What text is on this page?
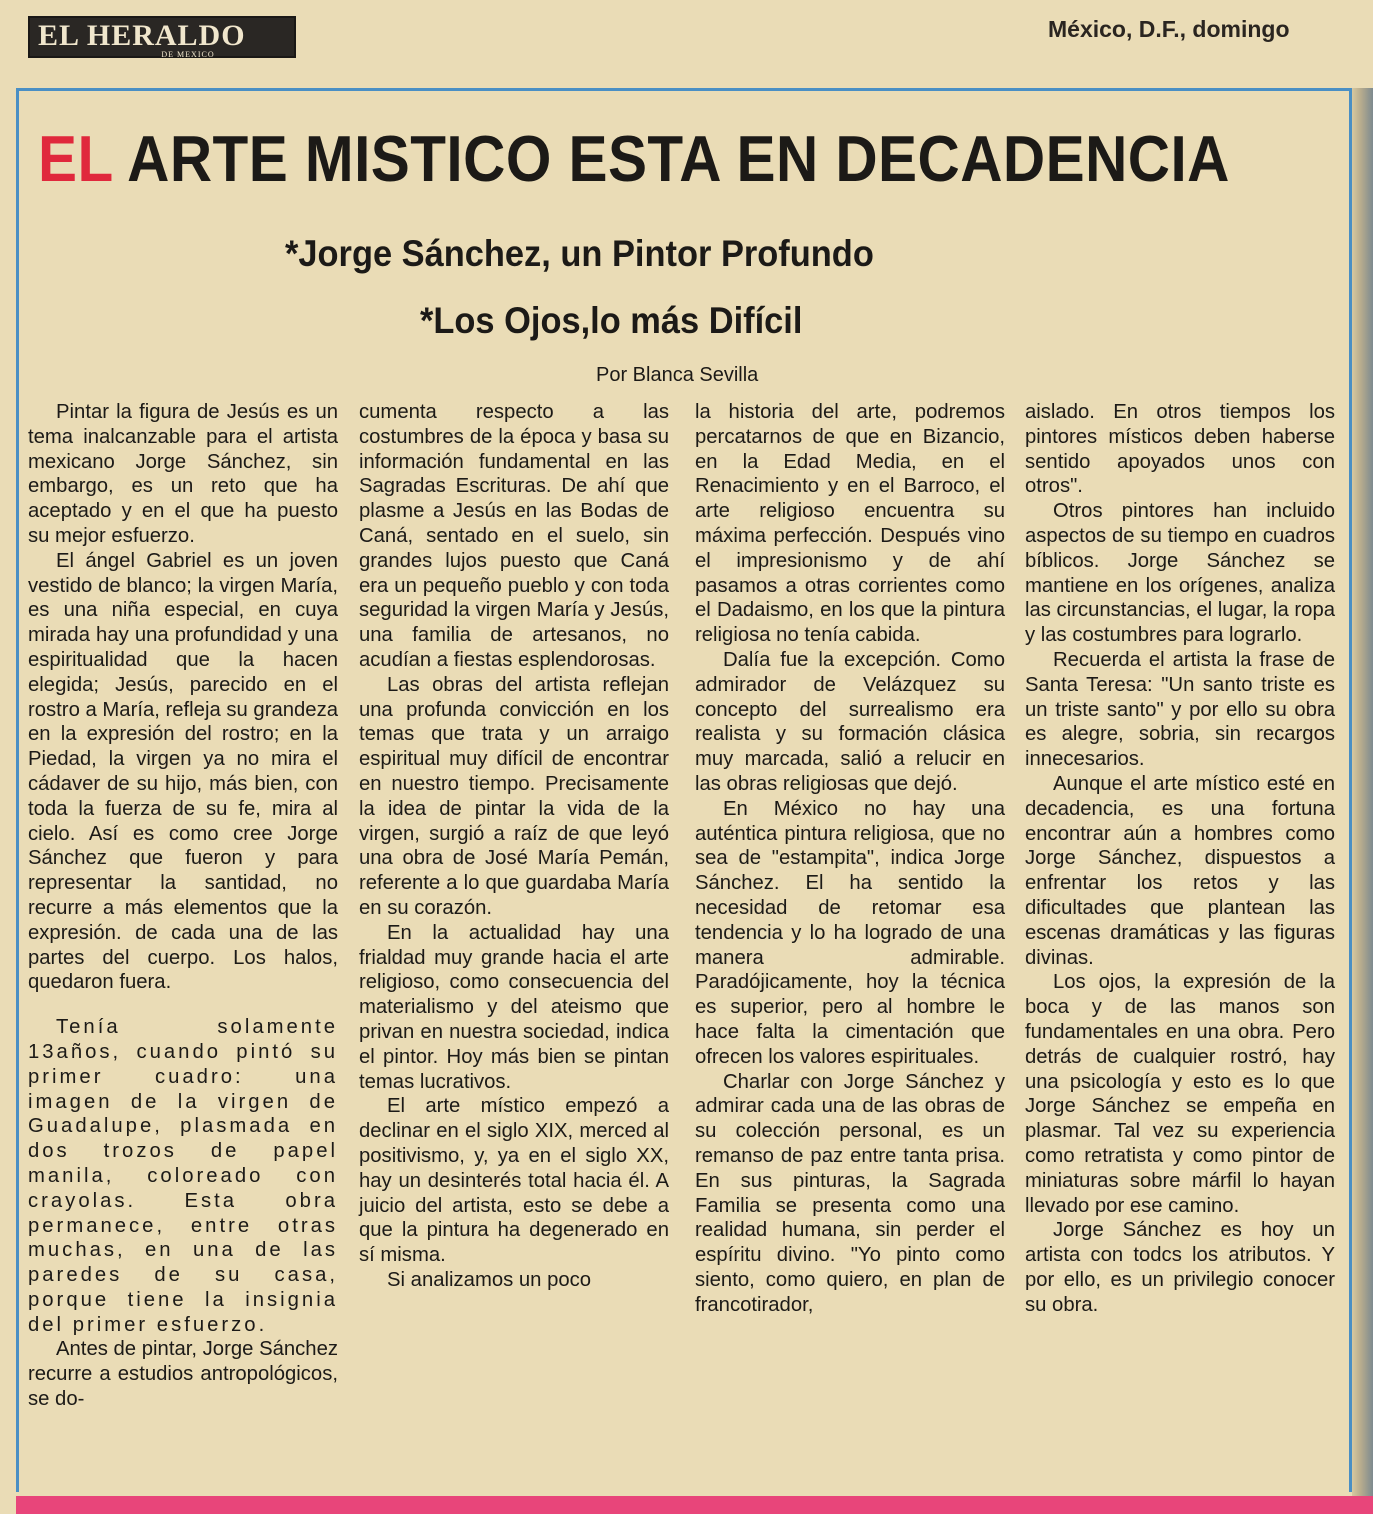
EL HERALDO
DE MEXICO
México, D.F., domingo
EL ARTE MISTICO ESTA EN DECADENCIA
*Jorge Sánchez, un Pintor Profundo
*Los Ojos,lo más Difícil
Por Blanca Sevilla

Pintar la figura de Jesús es un tema inalcanzable para el artista mexicano Jorge Sánchez, sin embargo, es un reto que ha aceptado y en el que ha puesto su mejor esfuerzo.

El ángel Gabriel es un joven vestido de blanco; la virgen María, es una niña especial, en cuya mirada hay una profundidad y una espiritualidad que la hacen elegida; Jesús, parecido en el rostro a María, refleja su grandeza en la expresión del rostro; en la Piedad, la virgen ya no mira el cádaver de su hijo, más bien, con toda la fuerza de su fe, mira al cielo. Así es como cree Jorge Sánchez que fueron y para representar la santidad, no recurre a más elementos que la expresión. de cada una de las partes del cuerpo. Los halos, quedaron fuera.

Tenía solamente 13años, cuando pintó su primer cuadro: una imagen de la virgen de Guadalupe, plasmada en dos trozos de papel manila, coloreado con crayolas. Esta obra permanece, entre otras muchas, en una de las paredes de su casa, porque tiene la insignia del primer esfuerzo.

Antes de pintar, Jorge Sánchez recurre a estudios antropológicos, se do-

cumenta respecto a las costumbres de la época y basa su información fundamental en las Sagradas Escrituras. De ahí que plasme a Jesús en las Bodas de Caná, sentado en el suelo, sin grandes lujos puesto que Caná era un pequeño pueblo y con toda seguridad la virgen María y Jesús, una familia de artesanos, no acudían a fiestas esplendorosas.

Las obras del artista reflejan una profunda convicción en los temas que trata y un arraigo espiritual muy difícil de encontrar en nuestro tiempo. Precisamente la idea de pintar la vida de la virgen, surgió a raíz de que leyó una obra de José María Pemán, referente a lo que guardaba María en su corazón.

En la actualidad hay una frialdad muy grande hacia el arte religioso, como consecuencia del materialismo y del ateismo que privan en nuestra sociedad, indica el pintor. Hoy más bien se pintan temas lucrativos.

El arte místico empezó a declinar en el siglo XIX, merced al positivismo, y, ya en el siglo XX, hay un desinterés total hacia él. A juicio del artista, esto se debe a que la pintura ha degenerado en sí misma.

Si analizamos un poco

la historia del arte, podremos percatarnos de que en Bizancio, en la Edad Media, en el Renacimiento y en el Barroco, el arte religioso encuentra su máxima perfección. Después vino el impresionismo y de ahí pasamos a otras corrientes como el Dadaismo, en los que la pintura religiosa no tenía cabida.

Dalía fue la excepción. Como admirador de Velázquez su concepto del surrealismo era realista y su formación clásica muy marcada, salió a relucir en las obras religiosas que dejó.

En México no hay una auténtica pintura religiosa, que no sea de "estampita", indica Jorge Sánchez. El ha sentido la necesidad de retomar esa tendencia y lo ha logrado de una manera admirable. Paradójicamente, hoy la técnica es superior, pero al hombre le hace falta la cimentación que ofrecen los valores espirituales.

Charlar con Jorge Sánchez y admirar cada una de las obras de su colección personal, es un remanso de paz entre tanta prisa. En sus pinturas, la Sagrada Familia se presenta como una realidad humana, sin perder el espíritu divino. "Yo pinto como siento, como quiero, en plan de francotirador,

aislado. En otros tiempos los pintores místicos deben haberse sentido apoyados unos con otros".

Otros pintores han incluido aspectos de su tiempo en cuadros bíblicos. Jorge Sánchez se mantiene en los orígenes, analiza las circunstancias, el lugar, la ropa y las costumbres para lograrlo.

Recuerda el artista la frase de Santa Teresa: "Un santo triste es un triste santo" y por ello su obra es alegre, sobria, sin recargos innecesarios.

Aunque el arte místico esté en decadencia, es una fortuna encontrar aún a hombres como Jorge Sánchez, dispuestos a enfrentar los retos y las dificultades que plantean las escenas dramáticas y las figuras divinas.

Los ojos, la expresión de la boca y de las manos son fundamentales en una obra. Pero detrás de cualquier rostró, hay una psicología y esto es lo que Jorge Sánchez se empeña en plasmar. Tal vez su experiencia como retratista y como pintor de miniaturas sobre márfil lo hayan llevado por ese camino.

Jorge Sánchez es hoy un artista con todcs los atributos. Y por ello, es un privilegio conocer su obra.
